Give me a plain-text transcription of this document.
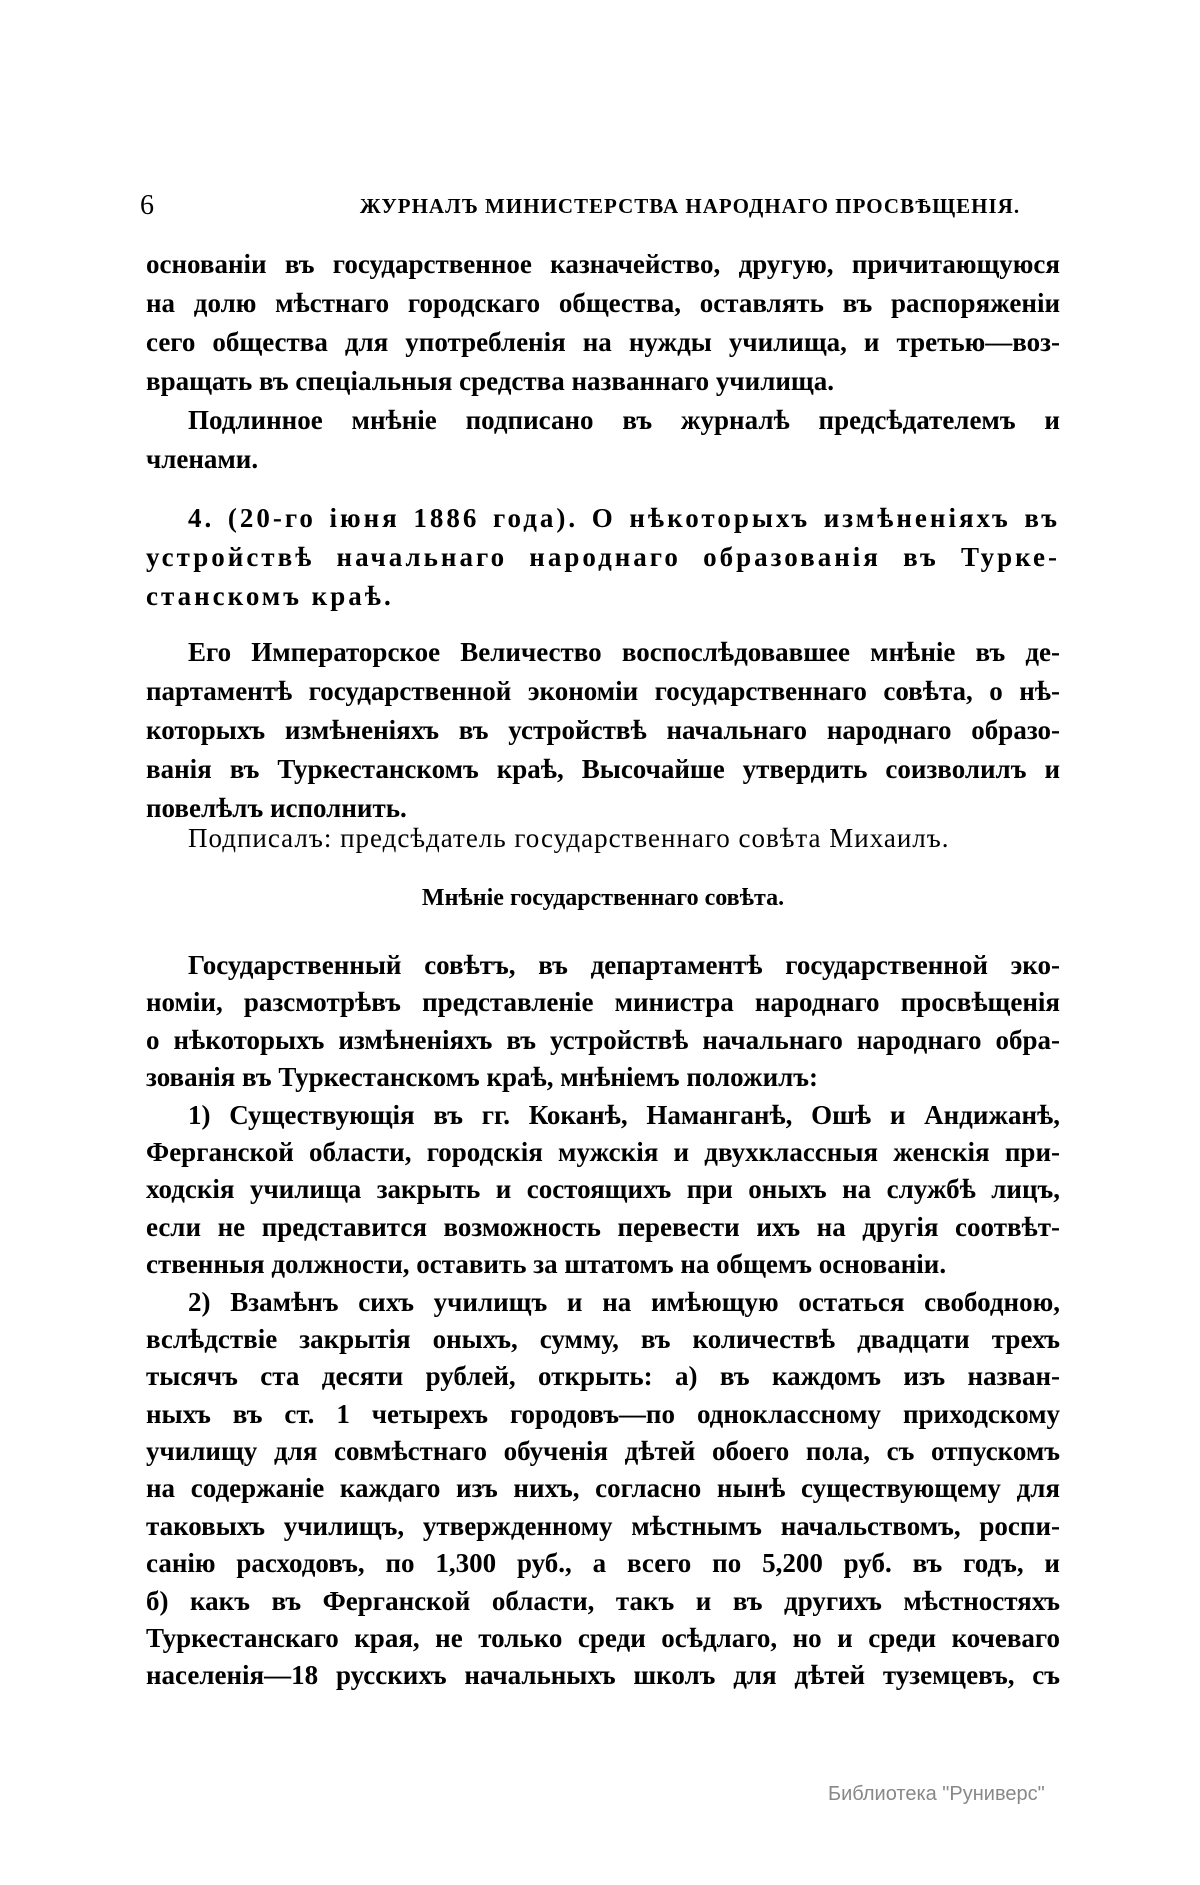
6	ЖУРНАЛЪ МИНИСТЕРСТВА НАРОДНАГО ПРОСВѢЩЕНІЯ.
основаніи въ государственное казначейство, другую, причитающуюся
на долю мѣстнаго городскаго общества, оставлять въ распоряженіи
сего общества для употребленія на нужды училища, и третью—воз-
вращать въ спеціальныя средства названнаго училища.
Подлинное мнѣніе подписано въ журналѣ предсѣдателемъ и
членами.
4. (20-го іюня 1886 года). О нѣкоторыхъ измѣненіяхъ въ
устройствѣ начальнаго народнаго образованія въ Турке-
станскомъ краѣ.
Его Императорское Величество воспослѣдовавшее мнѣніе въ де-
партаментѣ государственной экономіи государственнаго совѣта, о нѣ-
которыхъ измѣненіяхъ въ устройствѣ начальнаго народнаго образо-
ванія въ Туркестанскомъ краѣ, Высочайше утвердить соизволилъ и
повелѣлъ исполнить.
Подписалъ: предсѣдатель государственнаго совѣта Михаилъ.
Мнѣніе государственнаго совѣта.
Государственный совѣтъ, въ департаментѣ государственной эко-
номіи, разсмотрѣвъ представленіе министра народнаго просвѣщенія
о нѣкоторыхъ измѣненіяхъ въ устройствѣ начальнаго народнаго обра-
зованія въ Туркестанскомъ краѣ, мнѣніемъ положилъ:
1) Существующія въ гг. Коканѣ, Наманганѣ, Ошѣ и Андижанѣ,
Ферганской области, городскія мужскія и двухклассныя женскія при-
ходскія училища закрыть и состоящихъ при оныхъ на службѣ лицъ,
если не представится возможность перевести ихъ на другія соотвѣт-
ственныя должности, оставить за штатомъ на общемъ основаніи.
2) Взамѣнъ сихъ училищъ и на имѣющую остаться свободною,
вслѣдствіе закрытія оныхъ, сумму, въ количествѣ двадцати трехъ
тысячъ ста десяти рублей, открыть: а) въ каждомъ изъ назван-
ныхъ въ ст. 1 четырехъ городовъ—по одноклассному приходскому
училищу для совмѣстнаго обученія дѣтей обоего пола, съ отпускомъ
на содержаніе каждаго изъ нихъ, согласно нынѣ существующему для
таковыхъ училищъ, утвержденному мѣстнымъ начальствомъ, роспи-
санію расходовъ, по 1,300 руб., а всего по 5,200 руб. въ годъ, и
б) какъ въ Ферганской области, такъ и въ другихъ мѣстностяхъ
Туркестанскаго края, не только среди осѣдлаго, но и среди кочеваго
населенія—18 русскихъ начальныхъ школъ для дѣтей туземцевъ, съ
Библиотека "Руниверс"
